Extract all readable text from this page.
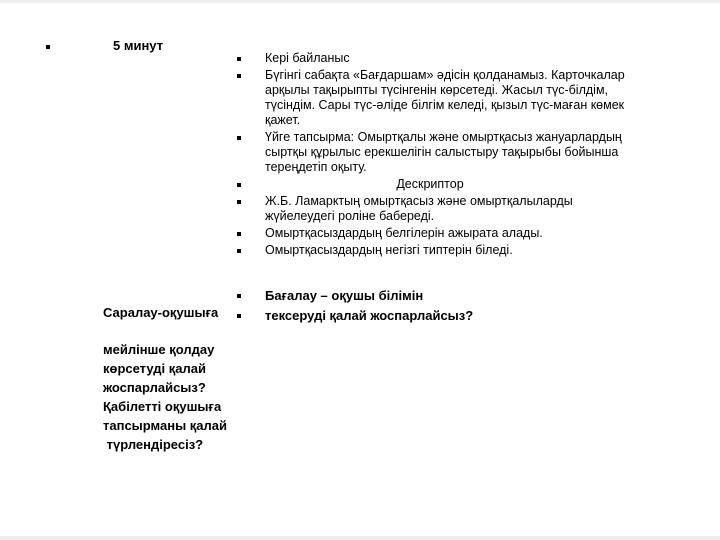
5 минут
Кері байланыс
Бүгінгі сабақта «Бағдаршам» әдісін қолданамыз. Карточкалар
арқылы тақырыпты түсінгенін көрсетеді. Жасыл түс-білдім,
түсіндім. Сары түс-әліде білгім келеді, қызыл түс-маған көмек
қажет.
Үйге тапсырма: Омыртқалы және омыртқасыз жануарлардың
сыртқы құрылыс ерекшелігін салыстыру тақырыбы бойынша
тереңдетіп оқыту.
Дескриптор
Ж.Б. Ламарктың омыртқасыз және омыртқалыларды
жүйелеудегі роліне бабереді.
Омыртқасыздардың белгілерін ажырата алады.
Омыртқасыздардың негізгі типтерін біледі.
Бағалау – оқушы білімін
тексеруді қалай жоспарлайсыз?
Саралау-оқушыға
мейлінше қолдау
көрсетуді қалай
жоспарлайсыз?
Қабілетті оқушыға
тапсырманы қалай
түрлендіресіз?
